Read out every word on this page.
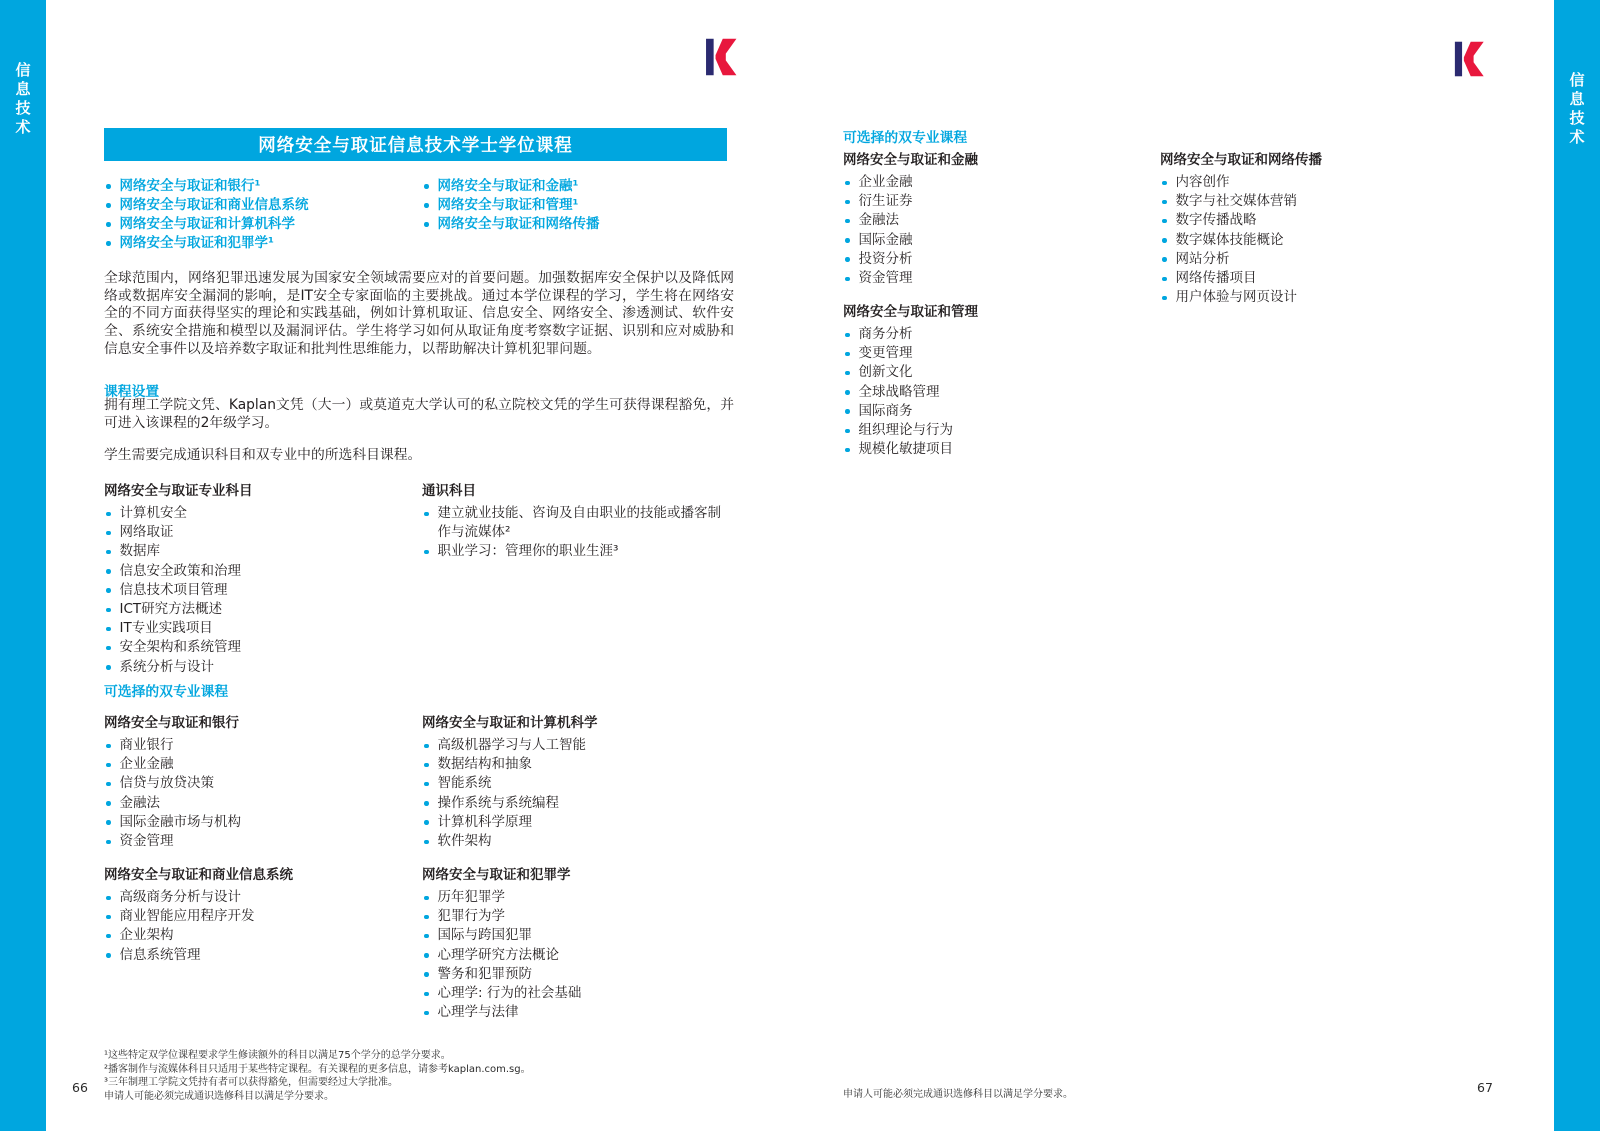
信息技术	信息技术
网络安全与取证信息技术学士学位课程
网络安全与取证和银行¹
网络安全与取证和商业信息系统
网络安全与取证和计算机科学
网络安全与取证和犯罪学¹
网络安全与取证和金融¹
网络安全与取证和管理¹
网络安全与取证和网络传播
全球范围内，网络犯罪迅速发展为国家安全领域需要应对的首要问题。加强数据库安全保护以及降低网络或数据库安全漏洞的影响，是IT安全专家面临的主要挑战。通过本学位课程的学习，学生将在网络安全的不同方面获得坚实的理论和实践基础，例如计算机取证、信息安全、网络安全、渗透测试、软件安全、系统安全措施和模型以及漏洞评估。学生将学习如何从取证角度考察数字证据、识别和应对威胁和信息安全事件以及培养数字取证和批判性思维能力，以帮助解决计算机犯罪问题。
课程设置
拥有理工学院文凭、Kaplan文凭（大一）或莫道克大学认可的私立院校文凭的学生可获得课程豁免，并可进入该课程的2年级学习。
学生需要完成通识科目和双专业中的所选科目课程。
网络安全与取证专业科目
计算机安全
网络取证
数据库
信息安全政策和治理
信息技术项目管理
ICT研究方法概述
IT专业实践项目
安全架构和系统管理
系统分析与设计
通识科目
建立就业技能、咨询及自由职业的技能或播客制作与流媒体²
职业学习：管理你的职业生涯³
可选择的双专业课程
网络安全与取证和银行
商业银行
企业金融
信贷与放贷决策
金融法
国际金融市场与机构
资金管理
网络安全与取证和计算机科学
高级机器学习与人工智能
数据结构和抽象
智能系统
操作系统与系统编程
计算机科学原理
软件架构
网络安全与取证和商业信息系统
高级商务分析与设计
商业智能应用程序开发
企业架构
信息系统管理
网络安全与取证和犯罪学
历年犯罪学
犯罪行为学
国际与跨国犯罪
心理学研究方法概论
警务和犯罪预防
心理学: 行为的社会基础
心理学与法律
¹这些特定双学位课程要求学生修读额外的科目以满足75个学分的总学分要求。
²播客制作与流媒体科目只适用于某些特定课程。有关课程的更多信息，请参考kaplan.com.sg。
³三年制理工学院文凭持有者可以获得豁免，但需要经过大学批准。
申请人可能必须完成通识选修科目以满足学分要求。
66
可选择的双专业课程
网络安全与取证和金融
企业金融
衍生证券
金融法
国际金融
投资分析
资金管理
网络安全与取证和网络传播
内容创作
数字与社交媒体营销
数字传播战略
数字媒体技能概论
网站分析
网络传播项目
用户体验与网页设计
网络安全与取证和管理
商务分析
变更管理
创新文化
全球战略管理
国际商务
组织理论与行为
规模化敏捷项目
申请人可能必须完成通识选修科目以满足学分要求。	67
